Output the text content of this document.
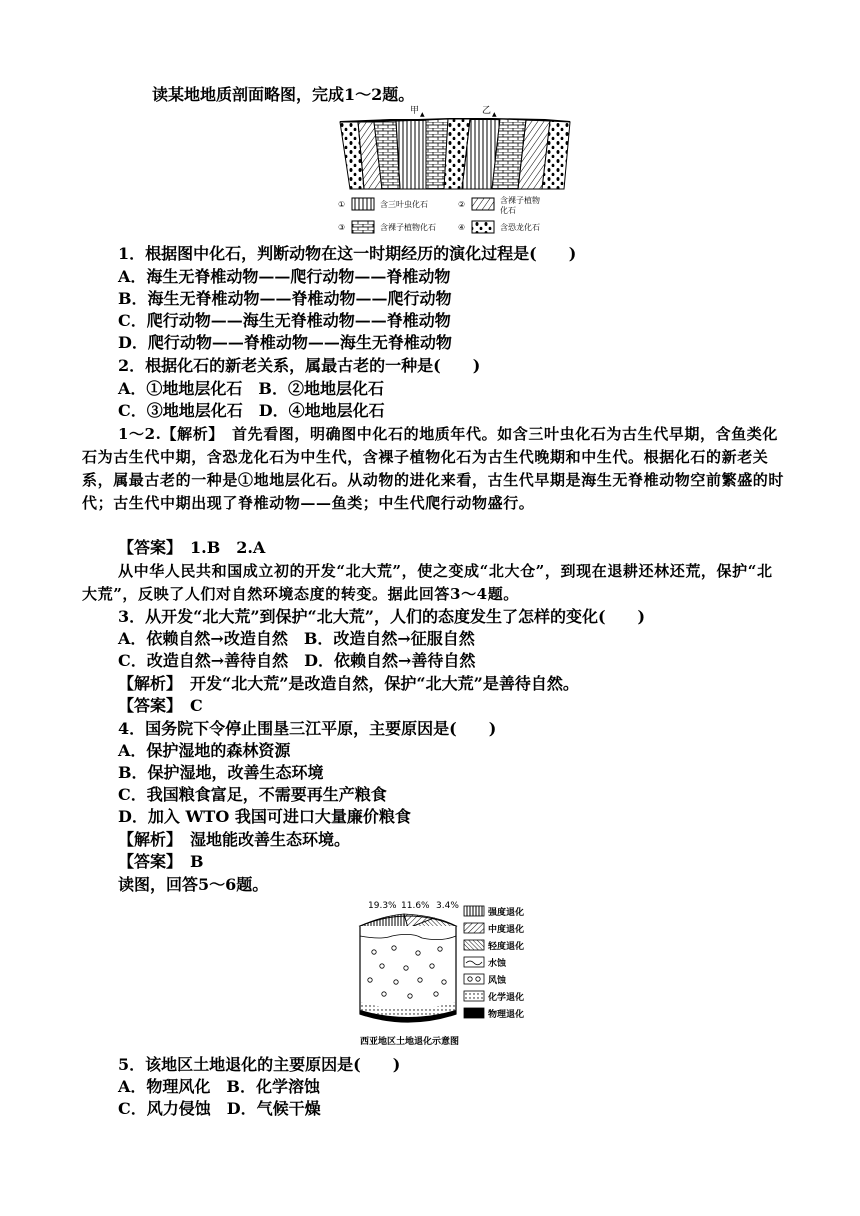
读某地地质剖面略图，完成1～2题。
甲 ▲	乙 ▲
①	含三叶虫化石	②	含裸子植物化石
③	含裸子植物化石	④	含恐龙化石
1．根据图中化石，判断动物在这一时期经历的演化过程是(　　)
A．海生无脊椎动物——爬行动物——脊椎动物
B．海生无脊椎动物——脊椎动物——爬行动物
C．爬行动物——海生无脊椎动物——脊椎动物
D．爬行动物——脊椎动物——海生无脊椎动物
2．根据化石的新老关系，属最古老的一种是(　　)
A．①地地层化石　B．②地地层化石
C．③地地层化石　D．④地地层化石
1～2.【解析】　首先看图，明确图中化石的地质年代。如含三叶虫化石为古生代早期，含鱼类化石为古生代中期，含恐龙化石为中生代，含裸子植物化石为古生代晚期和中生代。根据化石的新老关系，属最古老的一种是①地地层化石。从动物的进化来看，古生代早期是海生无脊椎动物空前繁盛的时代；古生代中期出现了脊椎动物——鱼类；中生代爬行动物盛行。
【答案】　1.B　2.A
从中华人民共和国成立初的开发“北大荒”，使之变成“北大仓”，到现在退耕还林还荒，保护“北大荒”，反映了人们对自然环境态度的转变。据此回答3～4题。
3．从开发“北大荒”到保护“北大荒”，人们的态度发生了怎样的变化(　　)
A．依赖自然→改造自然　B．改造自然→征服自然
C．改造自然→善待自然　D．依赖自然→善待自然
【解析】　开发“北大荒”是改造自然，保护“北大荒”是善待自然。
【答案】　C
4．国务院下令停止围垦三江平原，主要原因是(　　)
A．保护湿地的森林资源
B．保护湿地，改善生态环境
C．我国粮食富足，不需要再生产粮食
D．加入 WTO 我国可进口大量廉价粮食
【解析】　湿地能改善生态环境。
【答案】　B
读图，回答5～6题。
19.3% 11.6% 3.4%
强度退化
中度退化
轻度退化
水蚀
风蚀
化学退化
物理退化
西亚地区土地退化示意图
5．该地区土地退化的主要原因是(　　)
A．物理风化　B．化学溶蚀
C．风力侵蚀　D．气候干燥
